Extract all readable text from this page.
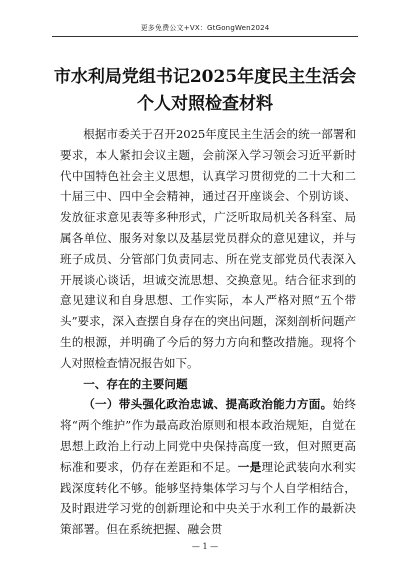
更多免费公文+VX：GtGongWen2024
市水利局党组书记2025年度民主生活会
个人对照检查材料

根据市委关于召开2025年度民主生活会的统一部署和要求，本人紧扣会议主题，会前深入学习领会习近平新时代中国特色社会主义思想，认真学习贯彻党的二十大和二十届三中、四中全会精神，通过召开座谈会、个别访谈、发放征求意见表等多种形式，广泛听取局机关各科室、局属各单位、服务对象以及基层党员群众的意见建议，并与班子成员、分管部门负责同志、所在党支部党员代表深入开展谈心谈话，坦诚交流思想、交换意见。结合征求到的意见建议和自身思想、工作实际，本人严格对照“五个带头”要求，深入查摆自身存在的突出问题，深刻剖析问题产生的根源，并明确了今后的努力方向和整改措施。现将个人对照检查情况报告如下。

一、存在的主要问题

（一）带头强化政治忠诚、提高政治能力方面。始终将“两个维护”作为最高政治原则和根本政治规矩，自觉在思想上政治上行动上同党中央保持高度一致，但对照更高标准和要求，仍存在差距和不足。一是理论武装向水利实践深度转化不够。能够坚持集体学习与个人自学相结合，及时跟进学习党的创新理论和中央关于水利工作的最新决策部署。但在系统把握、融会贯

— 1 —
